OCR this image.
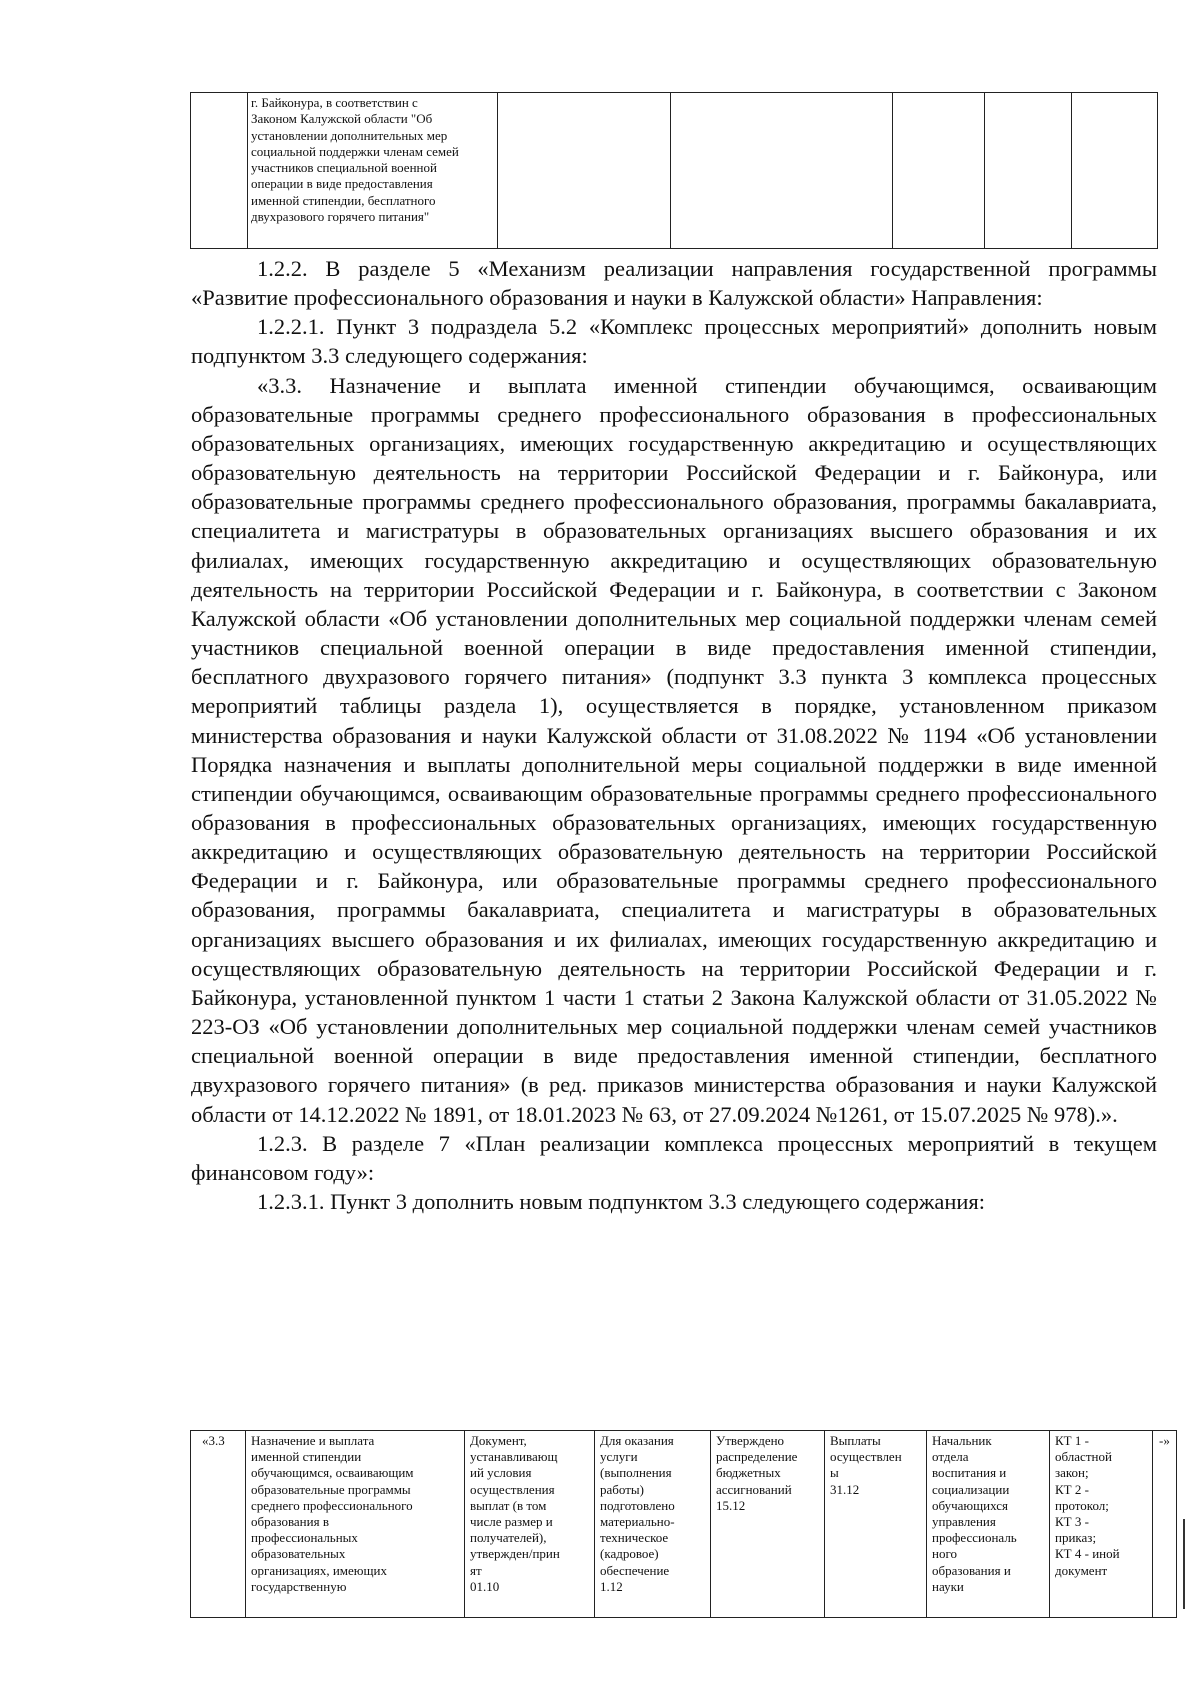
г. Байконура, в соответствин с
Законом Калужской области "Об
установлении дополнительных мер
социальной поддержки членам семей
участников специальной военной
операции в виде предоставления
именной стипендии, бесплатного
двухразового горячего питания"

1.2.2. В разделе 5 «Механизм реализации направления государственной программы «Развитие профессионального образования и науки в Калужской области» Направления:

1.2.2.1. Пункт 3 подраздела 5.2 «Комплекс процессных мероприятий» дополнить новым подпунктом 3.3 следующего содержания:

«3.3. Назначение и выплата именной стипендии обучающимся, осваивающим образовательные программы среднего профессионального образования в профессиональных образовательных организациях, имеющих государственную аккредитацию и осуществляющих образовательную деятельность на территории Российской Федерации и г. Байконура, или образовательные программы среднего профессионального образования, программы бакалавриата, специалитета и магистратуры в образовательных организациях высшего образования и их филиалах, имеющих государственную аккредитацию и осуществляющих образовательную деятельность на территории Российской Федерации и г. Байконура, в соответствии с Законом Калужской области «Об установлении дополнительных мер социальной поддержки членам семей участников специальной военной операции в виде предоставления именной стипендии, бесплатного двухразового горячего питания» (подпункт 3.3 пункта 3 комплекса процессных мероприятий таблицы раздела 1), осуществляется в порядке, установленном приказом министерства образования и науки Калужской области от 31.08.2022 № 1194 «Об установлении Порядка назначения и выплаты дополнительной меры социальной поддержки в виде именной стипендии обучающимся, осваивающим образовательные программы среднего профессионального образования в профессиональных образовательных организациях, имеющих государственную аккредитацию и осуществляющих образовательную деятельность на территории Российской Федерации и г. Байконура, или образовательные программы среднего профессионального образования, программы бакалавриата, специалитета и магистратуры в образовательных организациях высшего образования и их филиалах, имеющих государственную аккредитацию и осуществляющих образовательную деятельность на территории Российской Федерации и г. Байконура, установленной пунктом 1 части 1 статьи 2 Закона Калужской области от 31.05.2022 № 223-ОЗ «Об установлении дополнительных мер социальной поддержки членам семей участников специальной военной операции в виде предоставления именной стипендии, бесплатного двухразового горячего питания» (в ред. приказов министерства образования и науки Калужской области от 14.12.2022 № 1891, от 18.01.2023 № 63, от 27.09.2024 №1261, от 15.07.2025 № 978).».

1.2.3. В разделе 7 «План реализации комплекса процессных мероприятий в текущем финансовом году»:

1.2.3.1. Пункт 3 дополнить новым подпунктом 3.3 следующего содержания:

«3.3	Назначение и выплата
именной стипендии
обучающимся, осваивающим
образовательные программы
среднего профессионального
образования в
профессиональных
образовательных
организациях, имеющих
государственную	Документ,
устанавливающ
ий условия
осуществления
выплат (в том
числе размер и
получателей),
утвержден/прин
ят
01.10	Для оказания
услуги
(выполнения
работы)
подготовлено
материально-
техническое
(кадровое)
обеспечение
1.12	Утверждено
распределение
бюджетных
ассигнований
15.12	Выплаты
осуществлен
ы
31.12	Начальник
отдела
воспитания и
социализации
обучающихся
управления
профессиональ
ного
образования и
науки	КТ 1 -
областной
закон;
КТ 2 -
протокол;
КТ 3 -
приказ;
КТ 4 - иной
документ	-»
